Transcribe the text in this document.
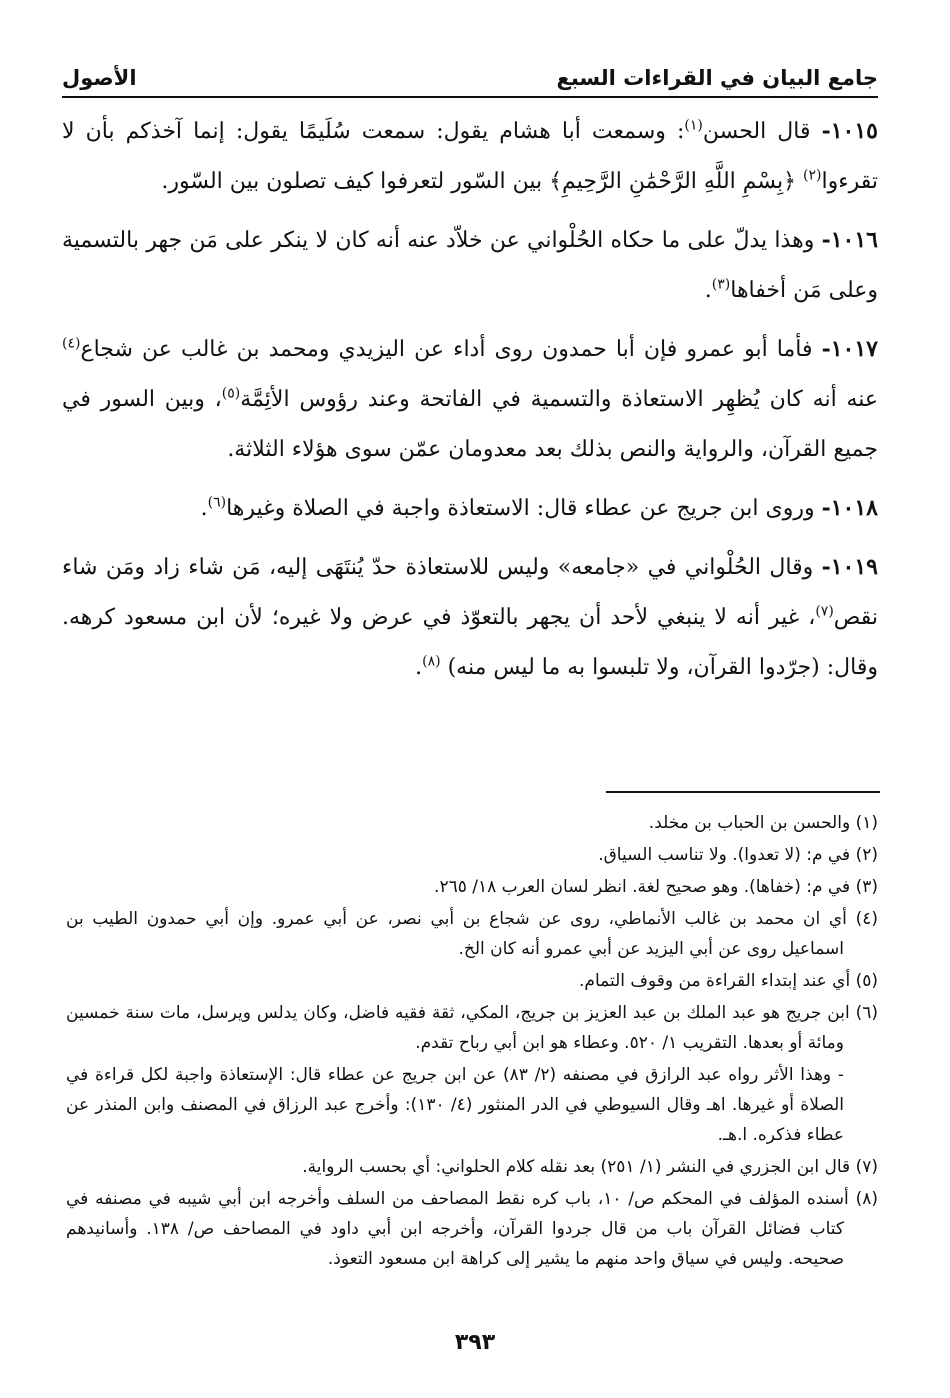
جامع البيان في القراءات السبع
الأصول

١٠١٥- قال الحسن$^{(١)}$: وسمعت أبا هشام يقول: سمعت سُلَيمًا يقول: إنما آخذكم بأن لا تقرءوا$^{(٢)}$ ﴿بِسْمِ اللَّهِ الرَّحْمَٰنِ الرَّحِيمِ﴾ بين السّور لتعرفوا كيف تصلون بين السّور.

١٠١٦- وهذا يدلّ على ما حكاه الحُلْواني عن خلاّد عنه أنه كان لا ينكر على مَن جهر بالتسمية وعلى مَن أخفاها$^{(٣)}$.

١٠١٧- فأما أبو عمرو فإن أبا حمدون روى أداء عن اليزيدي ومحمد بن غالب عن شجاع$^{(٤)}$ عنه أنه كان يُظهِر الاستعاذة والتسمية في الفاتحة وعند رؤوس الأئِمَّة$^{(٥)}$، وبين السور في جميع القرآن، والرواية والنص بذلك بعد معدومان عمّن سوى هؤلاء الثلاثة.

١٠١٨- وروى ابن جريج عن عطاء قال: الاستعاذة واجبة في الصلاة وغيرها$^{(٦)}$.

١٠١٩- وقال الحُلْواني في «جامعه» وليس للاستعاذة حدّ يُنتَهَى إليه، مَن شاء زاد ومَن شاء نقص$^{(٧)}$، غير أنه لا ينبغي لأحد أن يجهر بالتعوّذ في عرض ولا غيره؛ لأن ابن مسعود كرهه. وقال: (جرّدوا القرآن، ولا تلبسوا به ما ليس منه) $^{(٨)}$.

(١) والحسن بن الحباب بن مخلد.

(٢) في م: (لا تعدوا). ولا تناسب السياق.

(٣) في م: (خفاها). وهو صحيح لغة. انظر لسان العرب ١٨/ ٢٦٥.

(٤) أي ان محمد بن غالب الأنماطي، روى عن شجاع بن أبي نصر، عن أبي عمرو. وإن أبي حمدون الطيب بن اسماعيل روى عن أبي اليزيد عن أبي عمرو أنه كان الخ.

(٥) أي عند إبتداء القراءة من وقوف التمام.

(٦) ابن جريج هو عبد الملك بن عبد العزيز بن جريج، المكي، ثقة فقيه فاضل، وكان يدلس ويرسل، مات سنة خمسين ومائة أو بعدها. التقريب ١/ ٥٢٠. وعطاء هو ابن أبي رباح تقدم.

- وهذا الأثر رواه عبد الرازق في مصنفه (٢/ ٨٣) عن ابن جريج عن عطاء قال: الإستعاذة واجبة لكل قراءة في الصلاة أو غيرها. اهـ وقال السيوطي في الدر المنثور (٤/ ١٣٠): وأخرج عبد الرزاق في المصنف وابن المنذر عن عطاء فذكره. ا.هـ.

(٧) قال ابن الجزري في النشر (١/ ٢٥١) بعد نقله كلام الحلواني: أي بحسب الرواية.

(٨) أسنده المؤلف في المحكم ص/ ١٠، باب كره نقط المصاحف من السلف وأخرجه ابن أبي شيبه في مصنفه في كتاب فضائل القرآن باب من قال جردوا القرآن، وأخرجه ابن أبي داود في المصاحف ص/ ١٣٨. وأسانيدهم صحيحه. وليس في سياق واحد منهم ما يشير إلى كراهة ابن مسعود التعوذ.

٣٩٣
